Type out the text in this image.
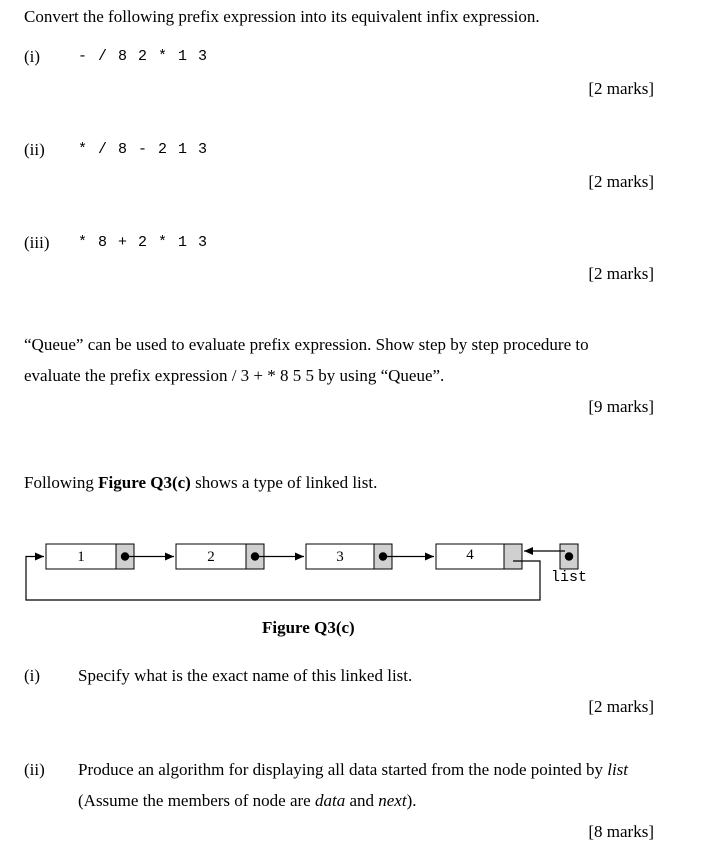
Convert the following prefix expression into its equivalent infix expression.
(i)	- / 8 2 * 1 3
[2 marks]
(ii) * / 8 - 2 1 3
[2 marks]
(iii) * 8 + 2 * 1 3
[2 marks]
“Queue” can be used to evaluate prefix expression. Show step by step procedure to
evaluate the prefix expression / 3 + * 8 5 5 by using “Queue”.
[9 marks]
Following Figure Q3(c) shows a type of linked list.
1	2	3	4
list
Figure Q3(c)
(i) Specify what is the exact name of this linked list.
[2 marks]
(ii) Produce an algorithm for displaying all data started from the node pointed by list
(Assume the members of node are data and next).
[8 marks]
